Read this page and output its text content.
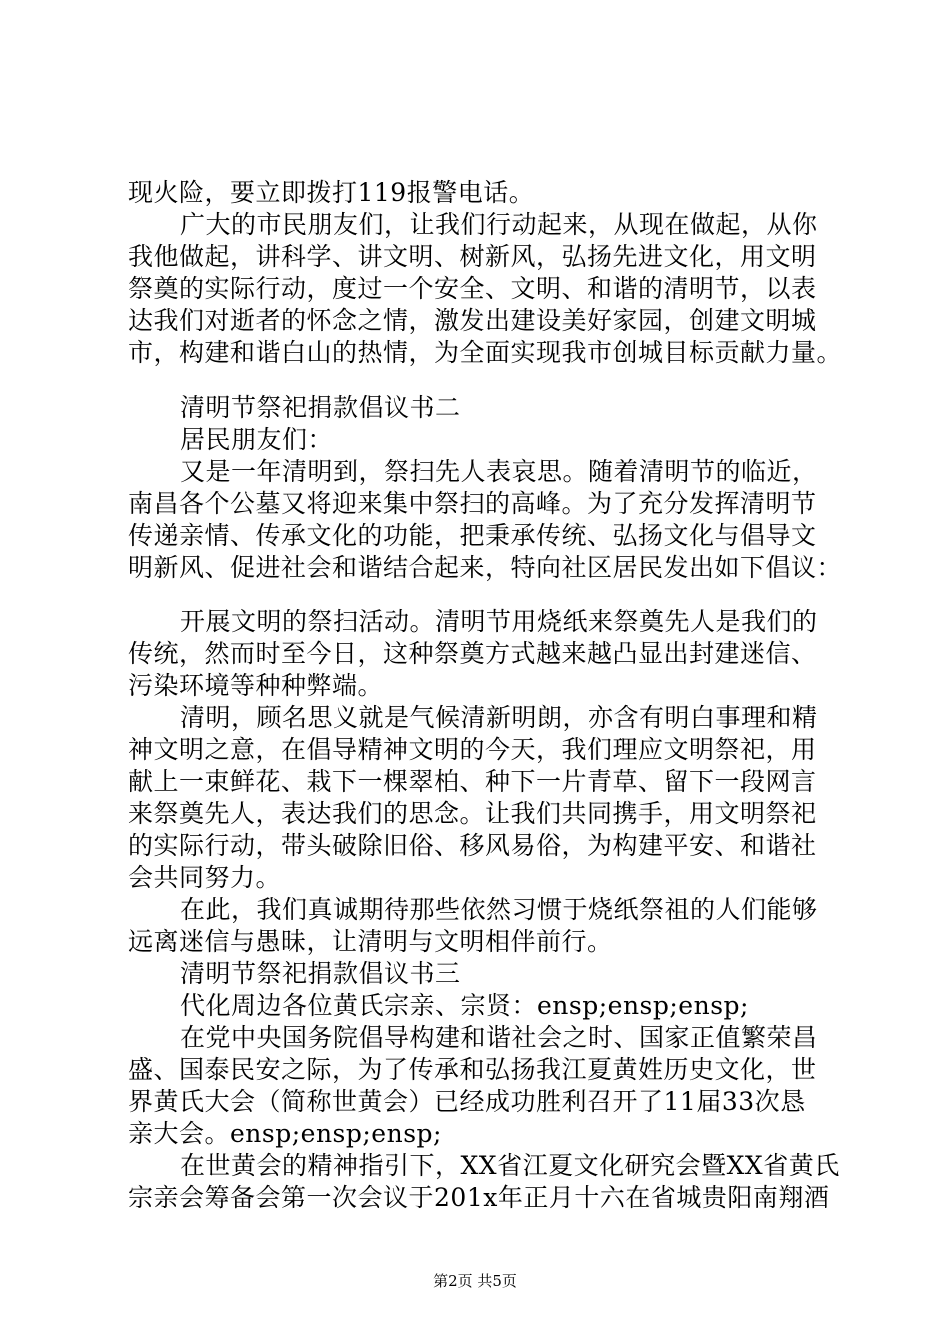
现火险，要立即拨打119报警电话。
广大的市民朋友们，让我们行动起来，从现在做起，从你
我他做起，讲科学、讲文明、树新风，弘扬先进文化，用文明
祭奠的实际行动，度过一个安全、文明、和谐的清明节，以表
达我们对逝者的怀念之情，激发出建设美好家园，创建文明城
市，构建和谐白山的热情，为全面实现我市创城目标贡献力量。
清明节祭祀捐款倡议书二
居民朋友们：
又是一年清明到，祭扫先人表哀思。随着清明节的临近，
南昌各个公墓又将迎来集中祭扫的高峰。为了充分发挥清明节
传递亲情、传承文化的功能，把秉承传统、弘扬文化与倡导文
明新风、促进社会和谐结合起来，特向社区居民发出如下倡议：
开展文明的祭扫活动。清明节用烧纸来祭奠先人是我们的
传统，然而时至今日，这种祭奠方式越来越凸显出封建迷信、
污染环境等种种弊端。
清明，顾名思义就是气候清新明朗，亦含有明白事理和精
神文明之意，在倡导精神文明的今天，我们理应文明祭祀，用
献上一束鲜花、栽下一棵翠柏、种下一片青草、留下一段网言
来祭奠先人，表达我们的思念。让我们共同携手，用文明祭祀
的实际行动，带头破除旧俗、移风易俗，为构建平安、和谐社
会共同努力。
在此，我们真诚期待那些依然习惯于烧纸祭祖的人们能够
远离迷信与愚昧，让清明与文明相伴前行。
清明节祭祀捐款倡议书三
代化周边各位黄氏宗亲、宗贤：ensp;ensp;ensp;
在党中央国务院倡导构建和谐社会之时、国家正值繁荣昌
盛、国泰民安之际，为了传承和弘扬我江夏黄姓历史文化，世
界黄氏大会（简称世黄会）已经成功胜利召开了11届33次恳
亲大会。ensp;ensp;ensp;
在世黄会的精神指引下，XX省江夏文化研究会暨XX省黄氏
宗亲会筹备会第一次会议于201x年正月十六在省城贵阳南翔酒
第2页 共5页
